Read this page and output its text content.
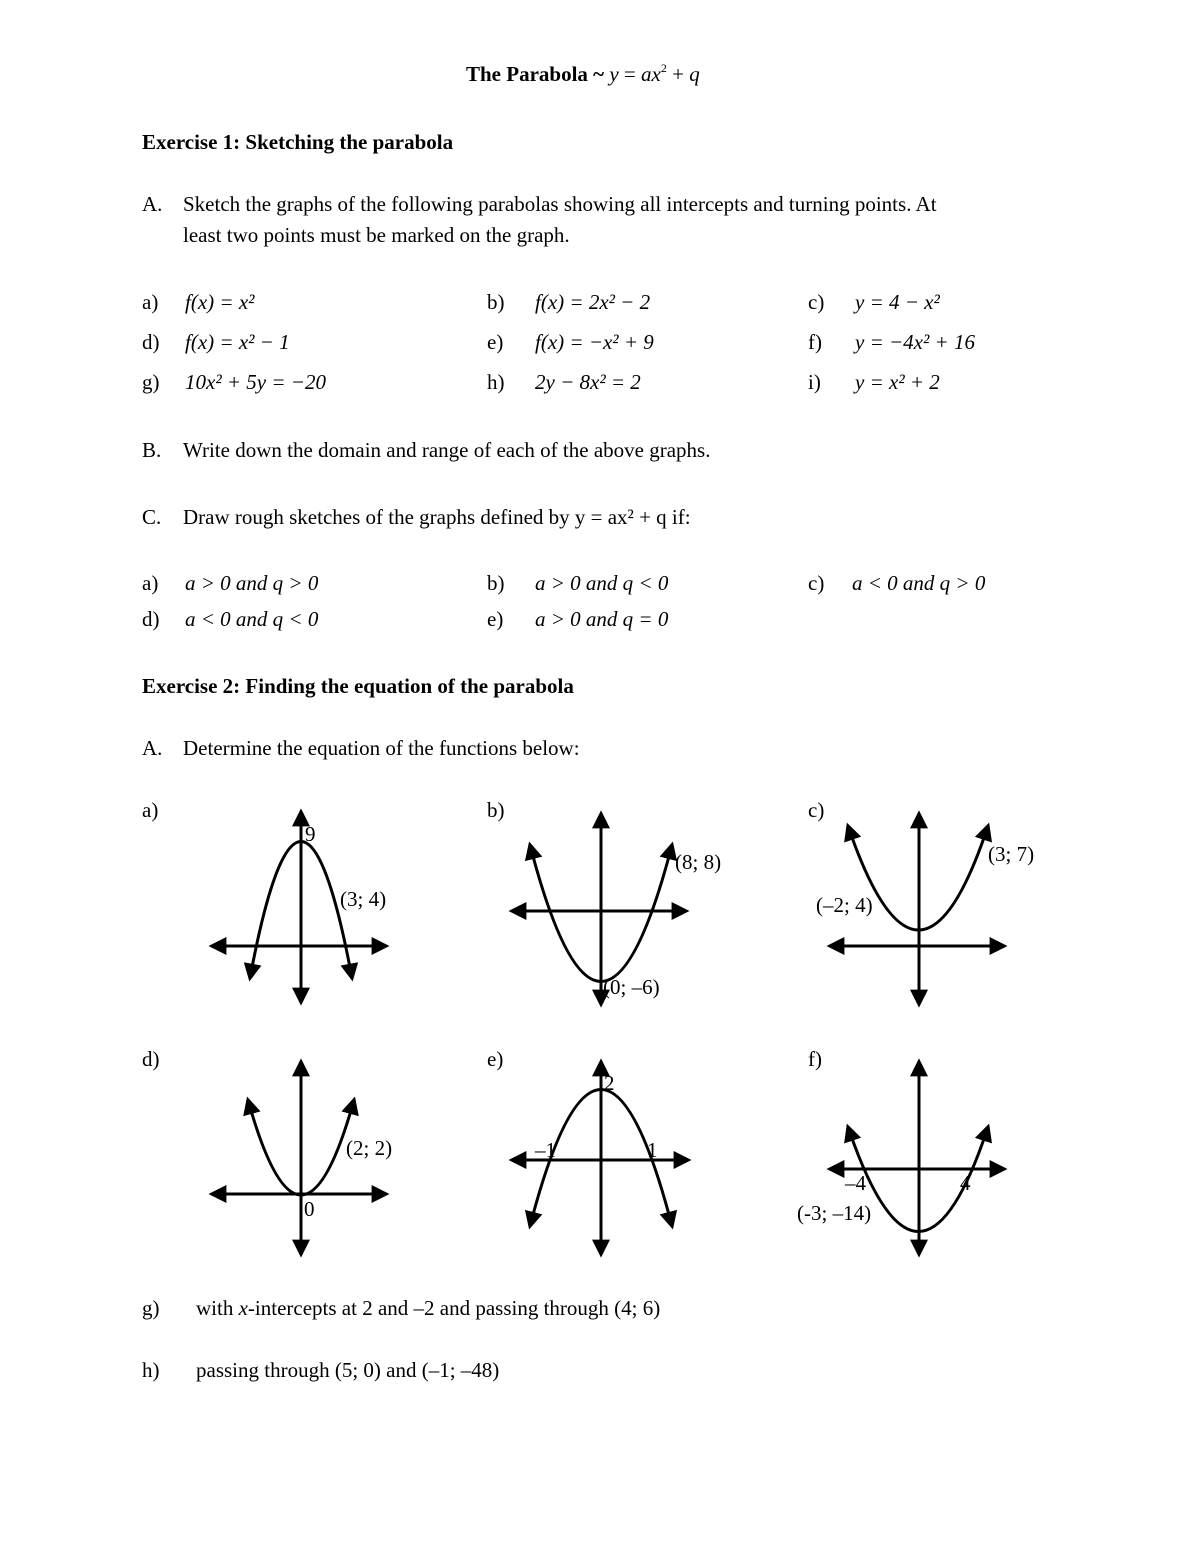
The Parabola ~ $y = ax^2 + q$
Exercise 1: Sketching the parabola
A. Sketch the graphs of the following parabolas showing all intercepts and turning points. At
least two points must be marked on the graph.
a) f(x) = x²	b) f(x) = 2x² − 2	c) y = 4 − x²
d) f(x) = x² − 1	e) f(x) = −x² + 9	f) y = −4x² + 16
g) 10x² + 5y = −20	h) 2y − 8x² = 2	i) y = x² + 2
B. Write down the domain and range of each of the above graphs.
C. Draw rough sketches of the graphs defined by y = ax² + q if:
a) a > 0 and q > 0	b) a > 0 and q < 0	c) a < 0 and q > 0
d) a < 0 and q < 0	e) a > 0 and q = 0
Exercise 2: Finding the equation of the parabola
A. Determine the equation of the functions below:
a)	b)	c)
d)	e)	f)
9
(3; 4)
(8; 8)
(0; –6)
(3; 7)
(–2; 4)
(2; 2)
0
2
–1	1
–4	4
(-3; –14)
g) with x-intercepts at 2 and –2 and passing through (4; 6)
h) passing through (5; 0) and (–1; –48)
